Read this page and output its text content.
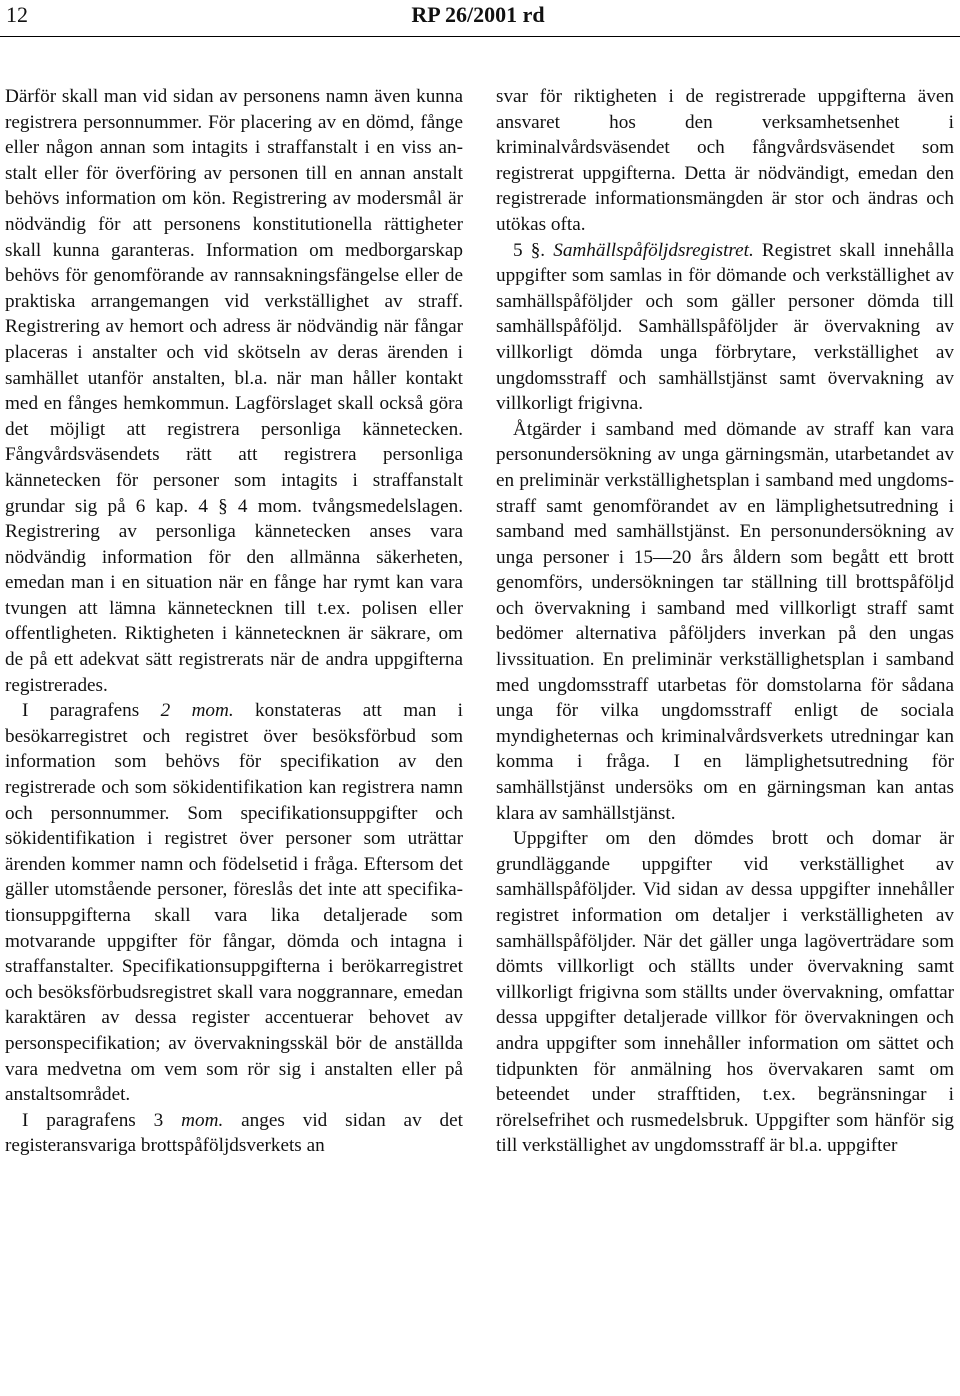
12	RP 26/2001 rd

Därför skall man vid sidan av personens namn även kunna registrera personnummer. För placering av en dömd, fånge eller någon annan som intagits i straffanstalt i en viss anstalt eller för överföring av personen till en annan anstalt behövs information om kön. Registrering av modersmål är nödvändig för att personens konstitutionella rättigheter skall kunna garanteras. Information om medborgarskap behövs för genomförande av rannsakningsfängelse eller de praktiska arrangemangen vid verkställighet av straff. Registrering av hemort och adress är nödvändig när fångar placeras i anstalter och vid skötseln av deras ärenden i samhället utanför anstalten, bl.a. när man håller kontakt med en fånges hemkommun. Lagförslaget skall också göra det möjligt att registrera personliga kännetecken. Fångvårdsväsendets rätt att registrera personliga kännetecken för personer som intagits i straffanstalt grundar sig på 6 kap. 4 § 4 mom. tvångsmedelslagen. Registrering av personliga kännetecken anses vara nödvändig information för den allmänna säkerheten, emedan man i en situation när en fånge har rymt kan vara tvungen att lämna kännetecknen till t.ex. polisen eller offentligheten. Riktigheten i kännetecknen är säkrare, om de på ett adekvat sätt registrerats när de andra uppgifterna registrerades.

I paragrafens 2 mom. konstateras att man i besökarregistret och registret över besöksförbud som information som behövs för specifikation av den registrerade och som sökidentifikation kan registrera namn och personnummer. Som specifikationsuppgifter och sökidentifikation i registret över personer som uträttar ärenden kommer namn och födelsetid i fråga. Eftersom det gäller utomstående personer, föreslås det inte att specifikationsuppgifterna skall vara lika detaljerade som motvarande uppgifter för fångar, dömda och intagna i straffanstalter. Specifikationsuppgifterna i berökarregistret och besöksförbudsregistret skall vara noggrannare, emedan karaktären av dessa register accentuerar behovet av personspecifikation; av övervakningsskäl bör de anställda vara medvetna om vem som rör sig i anstalten eller på anstaltsområdet.

I paragrafens 3 mom. anges vid sidan av det registeransvariga brottspåföljdsverkets an

svar för riktigheten i de registrerade uppgifterna även ansvaret hos den verksamhetsenhet i kriminalvårdsväsendet och fångvårdsväsendet som registrerat uppgifterna. Detta är nödvändigt, emedan den registrerade informationsmängden är stor och ändras och utökas ofta.

5 §. Samhällspåföljdsregistret. Registret skall innehålla uppgifter som samlas in för dömande och verkställighet av samhällspåföljder och som gäller personer dömda till samhällspåföljd. Samhällspåföljder är övervakning av villkorligt dömda unga förbrytare, verkställighet av ungdomsstraff och samhällstjänst samt övervakning av villkorligt frigivna.

Åtgärder i samband med dömande av straff kan vara personundersökning av unga gärningsmän, utarbetandet av en preliminär verkställighetsplan i samband med ungdomsstraff samt genomförandet av en lämplighetsutredning i samband med samhällstjänst. En personundersökning av unga personer i 15—20 års åldern som begått ett brott genomförs, undersökningen tar ställning till brottspåföljd och övervakning i samband med villkorligt straff samt bedömer alternativa påföljders inverkan på den ungas livssituation. En preliminär verkställighetsplan i samband med ungdomsstraff utarbetas för domstolarna för sådana unga för vilka ungdomsstraff enligt de sociala myndigheternas och kriminalvårdsverkets utredningar kan komma i fråga. I en lämplighetsutredning för samhällstjänst undersöks om en gärningsman kan antas klara av samhällstjänst.

Uppgifter om den dömdes brott och domar är grundläggande uppgifter vid verkställighet av samhällspåföljder. Vid sidan av dessa uppgifter innehåller registret information om detaljer i verkställigheten av samhällspåföljder. När det gäller unga lagöverträdare som dömts villkorligt och ställts under övervakning samt villkorligt frigivna som ställts under övervakning, omfattar dessa uppgifter detaljerade villkor för övervakningen och andra uppgifter som innehåller information om sättet och tidpunkten för anmälning hos övervakaren samt om beteendet under strafftiden, t.ex. begränsningar i rörelsefrihet och rusmedelsbruk. Uppgifter som hänför sig till verkställighet av ungdomsstraff är bl.a. uppgifter
